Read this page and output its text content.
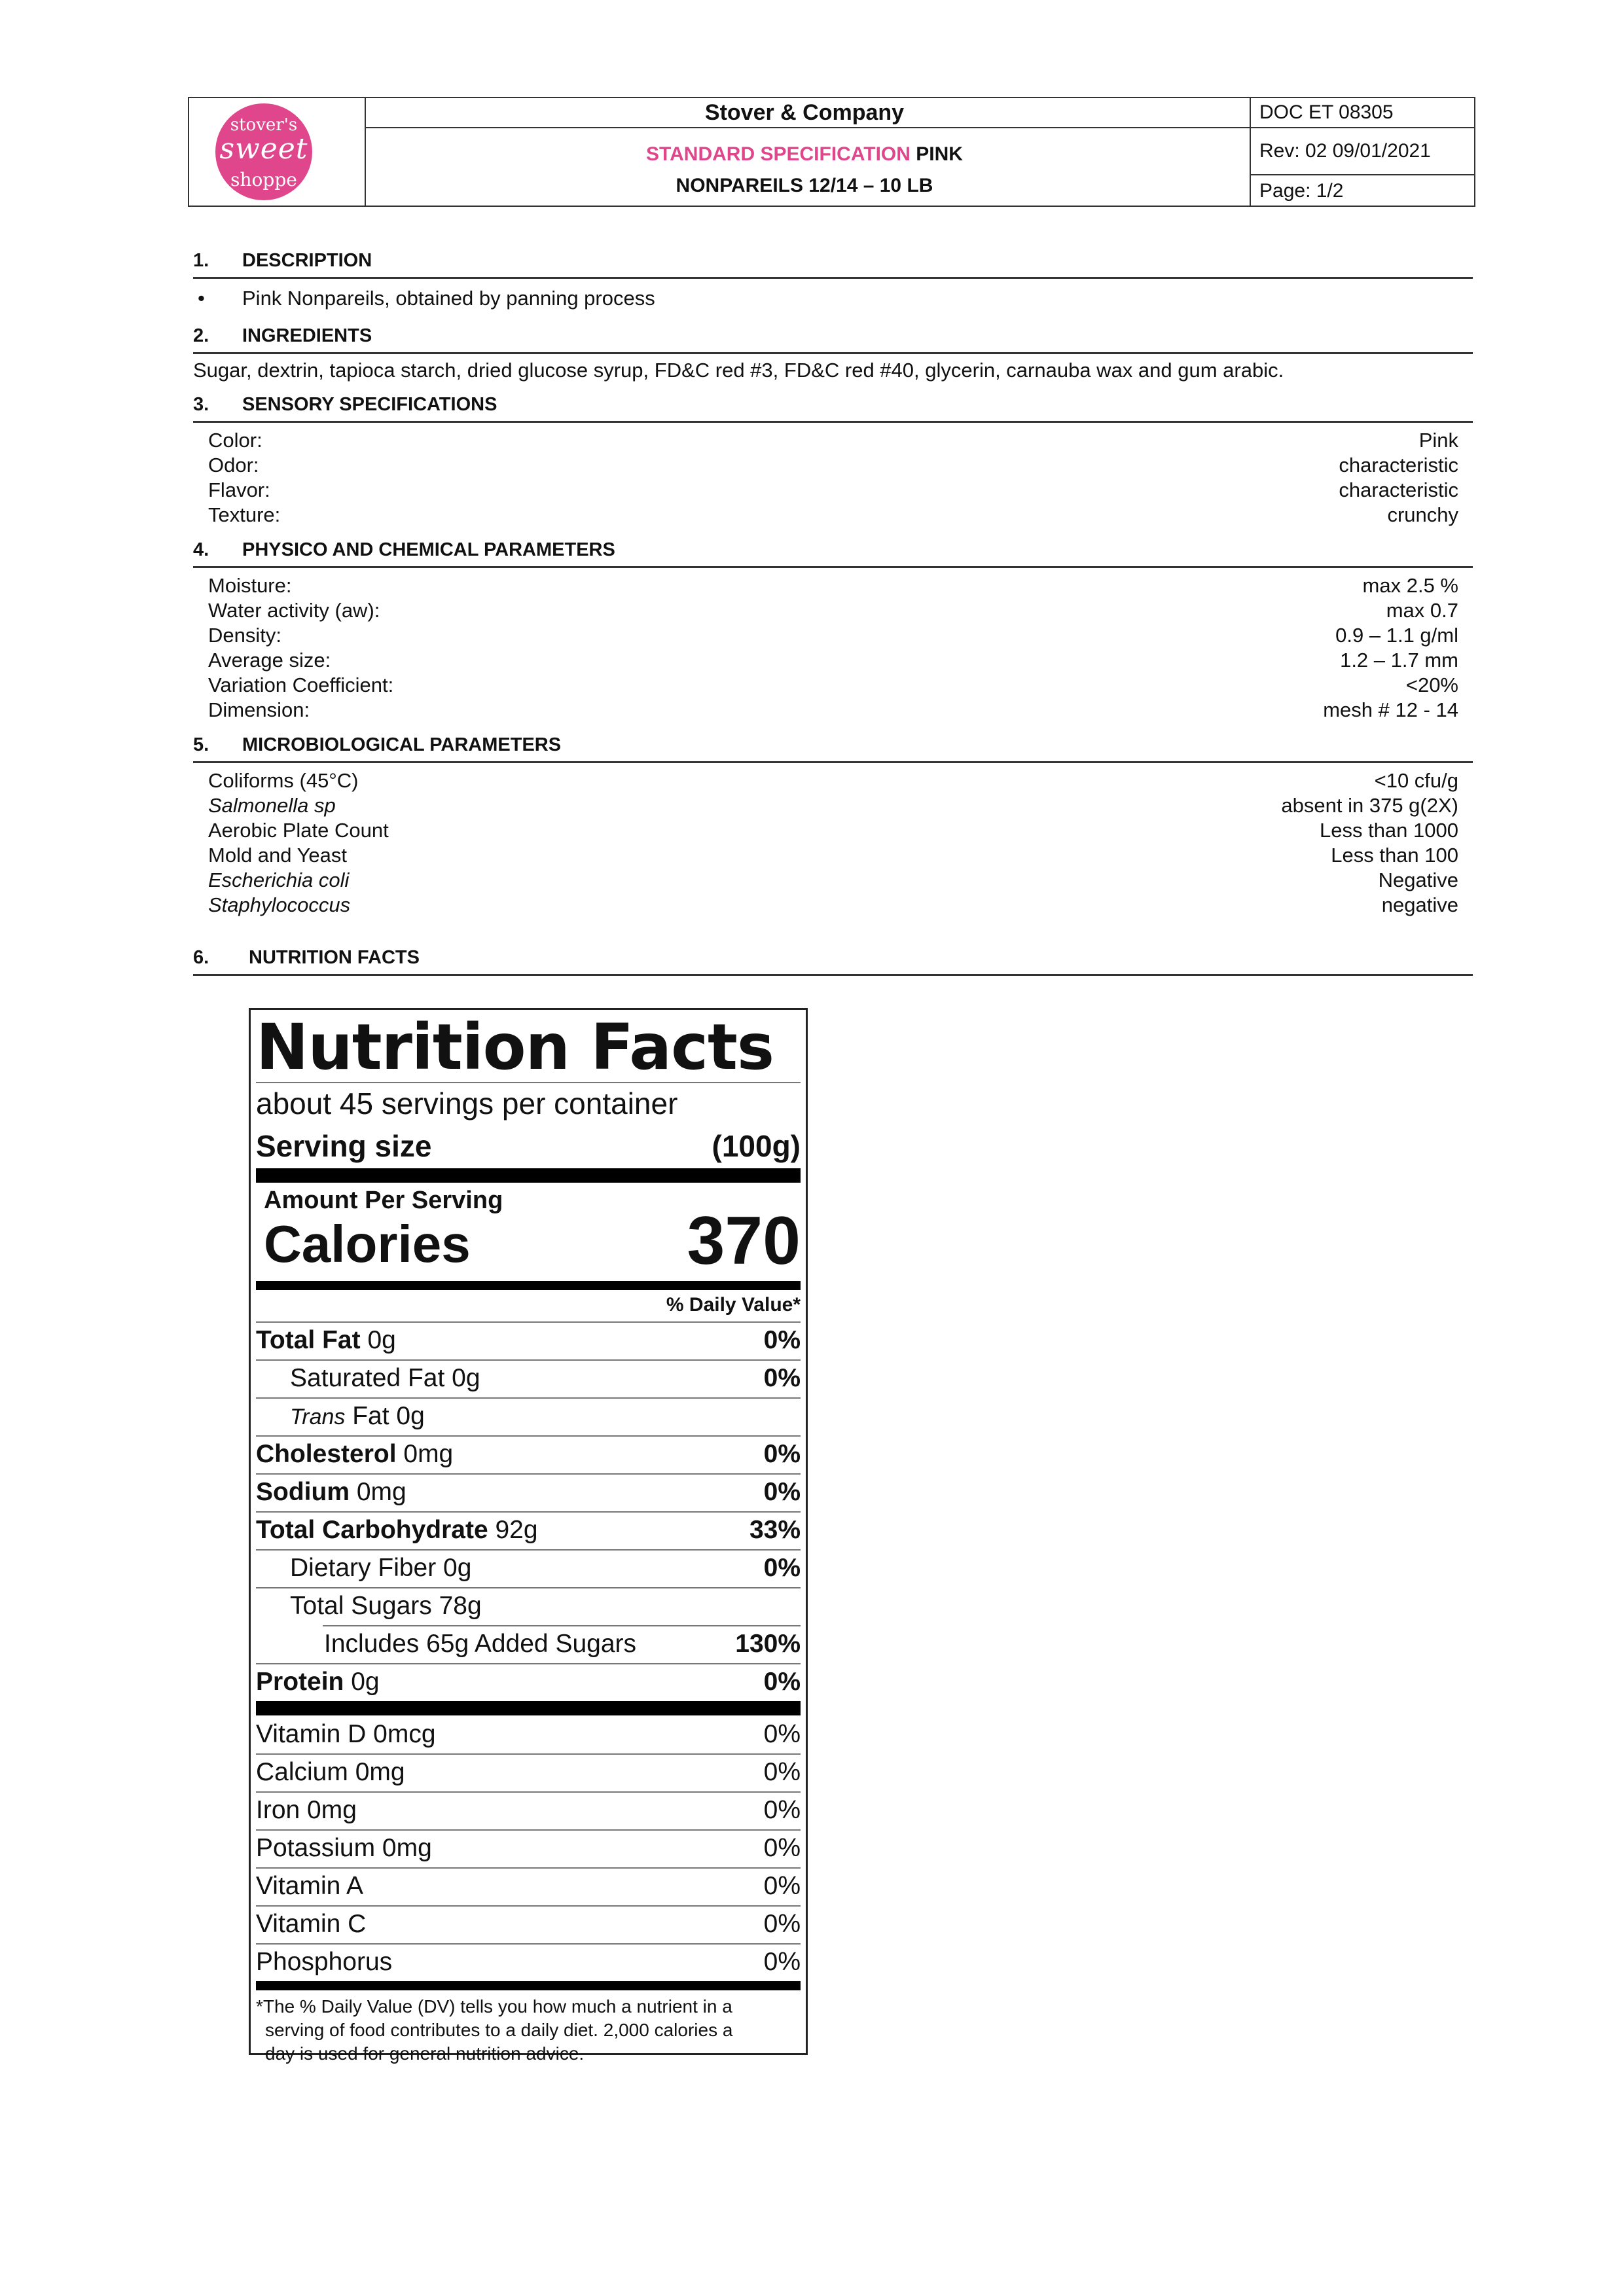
stover's
sweet
shoppe
Stover & Company
STANDARD SPECIFICATION PINK
NONPAREILS 12/14 – 10 LB
DOC ET 08305
Rev: 02 09/01/2021
Page: 1/2
1. DESCRIPTION
• Pink Nonpareils, obtained by panning process
2. INGREDIENTS
Sugar, dextrin, tapioca starch, dried glucose syrup, FD&C red #3, FD&C red #40, glycerin, carnauba wax and gum arabic.
3. SENSORY SPECIFICATIONS
Color:	Pink
Odor:	characteristic
Flavor:	characteristic
Texture:	crunchy
4. PHYSICO AND CHEMICAL PARAMETERS
Moisture:	max 2.5 %
Water activity (aw):	max 0.7
Density:	0.9 – 1.1 g/ml
Average size:	1.2 – 1.7 mm
Variation Coefficient:	<20%
Dimension:	mesh # 12 - 14
5. MICROBIOLOGICAL PARAMETERS
Coliforms (45°C)	<10 cfu/g
Salmonella sp	absent in 375 g(2X)
Aerobic Plate Count	Less than 1000
Mold and Yeast	Less than 100
Escherichia coli	Negative
Staphylococcus	negative
6. NUTRITION FACTS
Nutrition Facts
about 45 servings per container
Serving size	(100g)
Amount Per Serving
Calories	370
% Daily Value*
Total Fat 0g	0%
Saturated Fat 0g	0%
Trans Fat 0g
Cholesterol 0mg	0%
Sodium 0mg	0%
Total Carbohydrate 92g	33%
Dietary Fiber 0g	0%
Total Sugars 78g
Includes 65g Added Sugars	130%
Protein 0g	0%
Vitamin D 0mcg	0%
Calcium 0mg	0%
Iron 0mg	0%
Potassium 0mg	0%
Vitamin A	0%
Vitamin C	0%
Phosphorus	0%
*The % Daily Value (DV) tells you how much a nutrient in a
serving of food contributes to a daily diet. 2,000 calories a
day is used for general nutrition advice.
